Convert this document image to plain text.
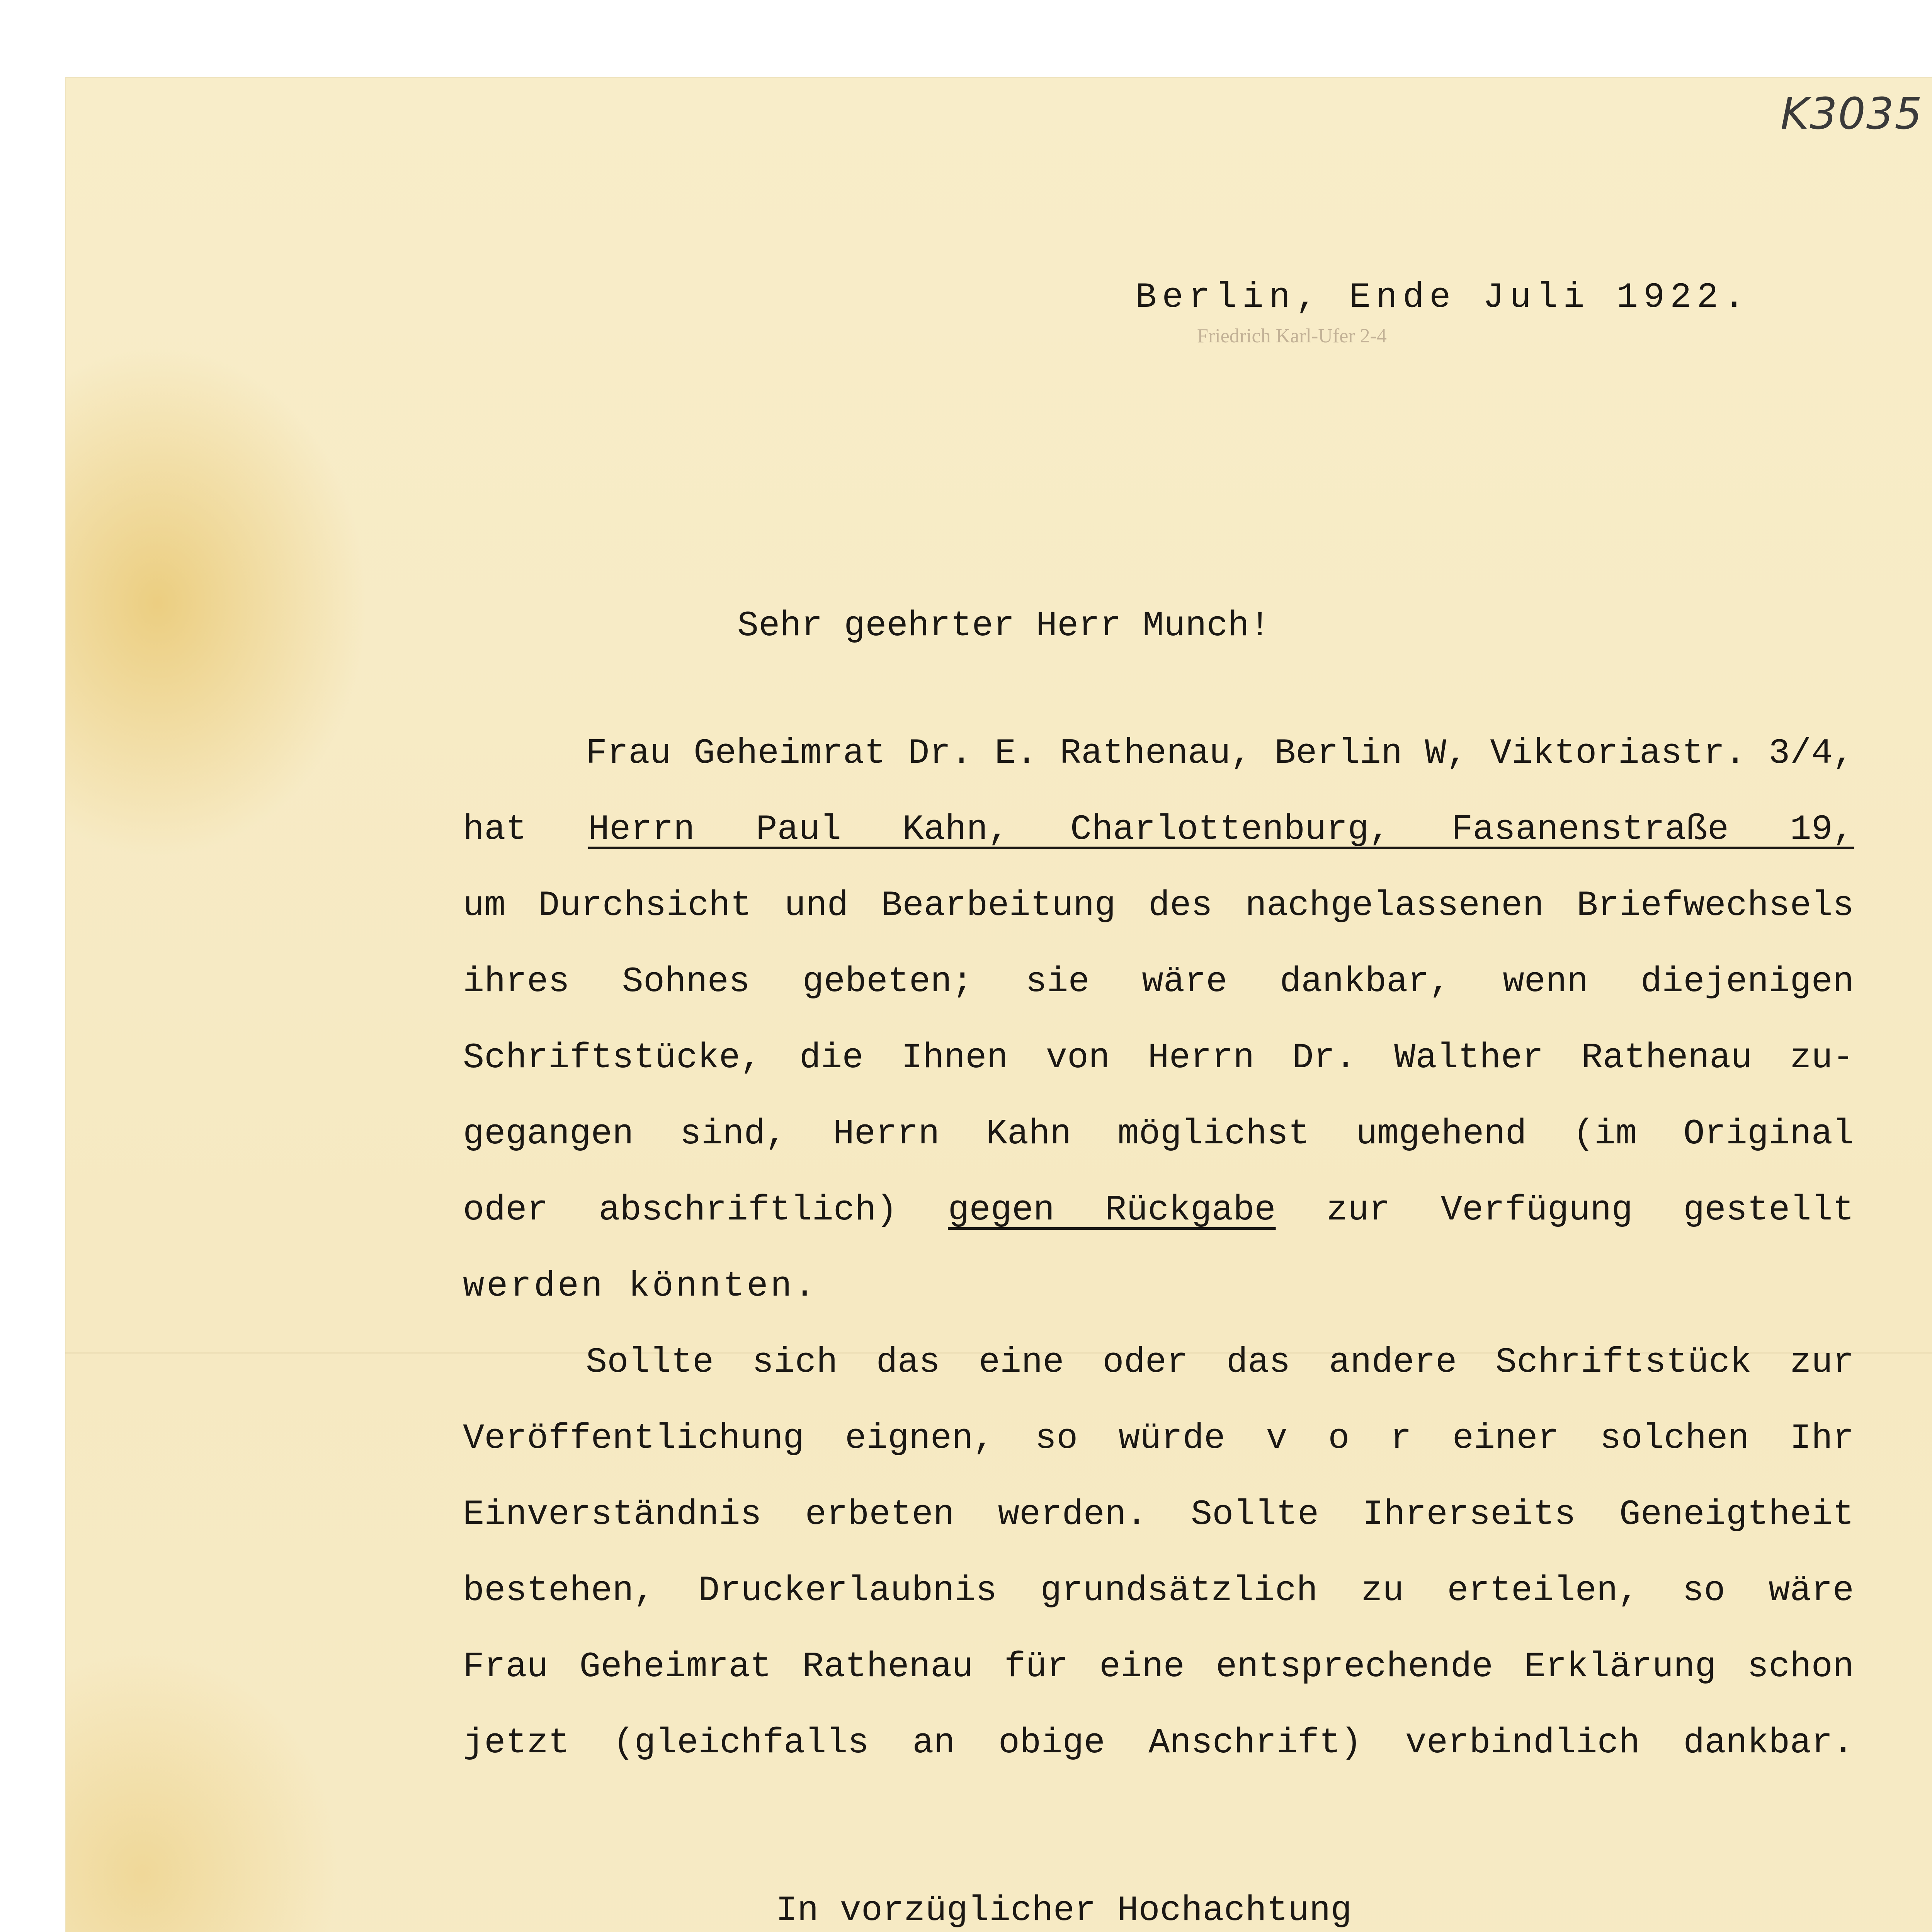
K3035

Berlin, Ende Juli 1922.

Friedrich Karl-Ufer 2-4

Sehr geehrter Herr Munch!

Frau Geheimrat Dr. E. Rathenau, Berlin W, Viktoriastr. 3/4,

hat Herrn Paul Kahn, Charlottenburg, Fasanenstraße 19,

um Durchsicht und Bearbeitung des nachgelassenen Briefwechsels

ihres Sohnes gebeten; sie wäre dankbar, wenn diejenigen

Schriftstücke, die Ihnen von Herrn Dr. Walther Rathenau zu-

gegangen sind, Herrn Kahn möglichst umgehend (im Original

oder abschriftlich) gegen Rückgabe zur Verfügung gestellt

werden könnten.

Sollte sich das eine oder das andere Schriftstück zur

Veröffentlichung eignen, so würde v o r einer solchen Ihr

Einverständnis erbeten werden. Sollte Ihrerseits Geneigtheit

bestehen, Druckerlaubnis grundsätzlich zu erteilen, so wäre

Frau Geheimrat Rathenau für eine entsprechende Erklärung schon

jetzt (gleichfalls an obige Anschrift) verbindlich dankbar.

In vorzüglicher Hochachtung
